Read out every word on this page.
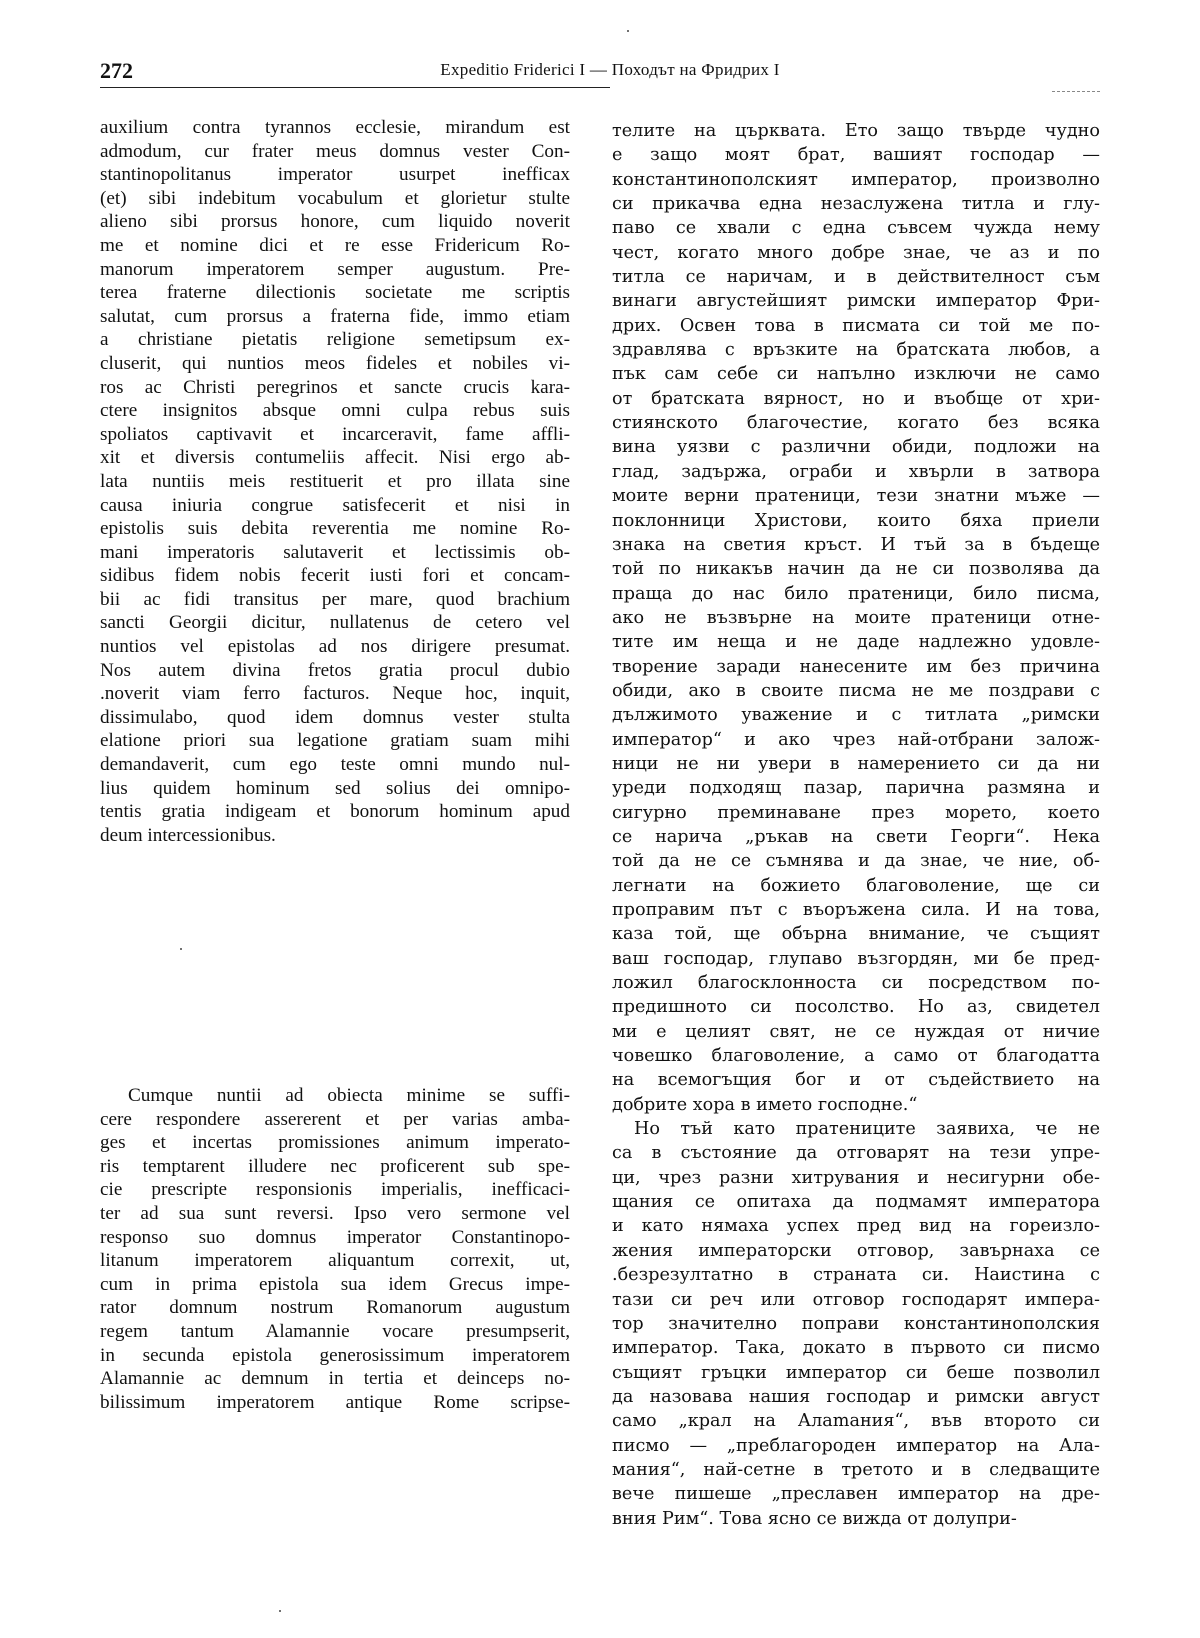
272	Expeditio Friderici I — Походът на Фридрих I
auxilium contra tyrannos ecclesie, mirandum est
admodum, cur frater meus domnus vester Con-
stantinopolitanus imperator usurpet inefficax
(et) sibi indebitum vocabulum et glorietur stulte
alieno sibi prorsus honore, cum liquido noverit
me et nomine dici et re esse Fridericum Ro-
manorum imperatorem semper augustum. Pre-
terea fraterne dilectionis societate me scriptis
salutat, cum prorsus a fraterna fide, immo etiam
a christiane pietatis religione semetipsum ex-
cluserit, qui nuntios meos fideles et nobiles vi-
ros ac Christi peregrinos et sancte crucis kara-
ctere insignitos absque omni culpa rebus suis
spoliatos captivavit et incarceravit, fame affli-
xit et diversis contumeliis affecit. Nisi ergo ab-
lata nuntiis meis restituerit et pro illata sine
causa iniuria congrue satisfecerit et nisi in
epistolis suis debita reverentia me nomine Ro-
mani imperatoris salutaverit et lectissimis ob-
sidibus fidem nobis fecerit iusti fori et concam-
bii ac fidi transitus per mare, quod brachium
sancti Georgii dicitur, nullatenus de cetero vel
nuntios vel epistolas ad nos dirigere presumat.
Nos autem divina fretos gratia procul dubio
.noverit viam ferro facturos. Neque hoc, inquit,
dissimulabo, quod idem domnus vester stulta
elatione priori sua legatione gratiam suam mihi
demandaverit, cum ego teste omni mundo nul-
lius quidem hominum sed solius dei omnipo-
tentis gratia indigeam et bonorum hominum apud
deum intercessionibus.
Cumque nuntii ad obiecta minime se suffi-
cere respondere assererent et per varias amba-
ges et incertas promissiones animum imperato-
ris temptarent illudere nec proficerent sub spe-
cie prescripte responsionis imperialis, inefficaci-
ter ad sua sunt reversi. Ipso vero sermone vel
responso suo domnus imperator Constantinopo-
litanum imperatorem aliquantum correxit, ut,
cum in prima epistola sua idem Grecus impe-
rator domnum nostrum Romanorum augustum
regem tantum Alamannie vocare presumpserit,
in secunda epistola generosissimum imperatorem
Alamannie ac demnum in tertia et deinceps no-
bilissimum imperatorem antique Rome scripse-
телите на църквата. Ето защо твърде чудно
е защо моят брат, вашият господар —
константинополският император, произволно
си прикачва една незаслужена титла и глу-
паво се хвали с една съвсем чужда нему
чест, когато много добре знае, че аз и по
титла се наричам, и в действителност съм
винаги августейшият римски император Фри-
дрих. Освен това в писмата си той ме по-
здравлява с връзките на братската любов, а
пък сам себе си напълно изключи не само
от братската вярност, но и въобще от хри-
стиянското благочестие, когато без всяка
вина уязви с различни обиди, подложи на
глад, задържа, ограби и хвърли в затвора
моите верни пратеници, тези знатни мъже —
поклонници Христови, които бяха приели
знака на светия кръст. И тъй за в бъдеще
той по никакъв начин да не си позволява да
праща до нас било пратеници, било писма,
ако не възвърне на моите пратеници отне-
тите им неща и не даде надлежно удовле-
творение заради нанесените им без причина
обиди, ако в своите писма не ме поздрави с
дължимото уважение и с титлата „римски
император“ и ако чрез най-отбрани залож-
ници не ни увери в намерението си да ни
уреди подходящ пазар, парична размяна и
сигурно преминаване през морето, което
се нарича „ръкав на свети Георги“. Нека
той да не се съмнява и да знае, че ние, об-
легнати на божието благоволение, ще си
проправим път с въоръжена сила. И на това,
каза той, ще обърна внимание, че същият
ваш господар, глупаво възгордян, ми бе пред-
ложил благосклонноста си посредством по-
предишното си посолство. Но аз, свидетел
ми е целият свят, не се нуждая от ничие
човешко благоволение, а само от благодатта
на всемогъщия бог и от съдействието на
добрите хора в името господне.“
Но тъй като пратениците заявиха, че не
са в състояние да отговарят на тези упре-
ци, чрез разни хитрувания и несигурни обе-
щания се опитаха да подмамят императора
и като нямаха успех пред вид на гореизло-
жения императорски отговор, завърнаха се
.безрезултатно в страната си. Наистина с
тази си реч или отговор господарят импера-
тор значително поправи константинополския
император. Така, докато в първото си писмо
същият гръцки император си беше позволил
да назовава нашия господар и римски август
само „крал на Алamания“, във второто си
писмо — „преблагороден император на Ала-
мания“, най-сетне в третото и в следващите
вече пишеше „преславен император на дре-
вния Рим“. Това ясно се вижда от долупри-
